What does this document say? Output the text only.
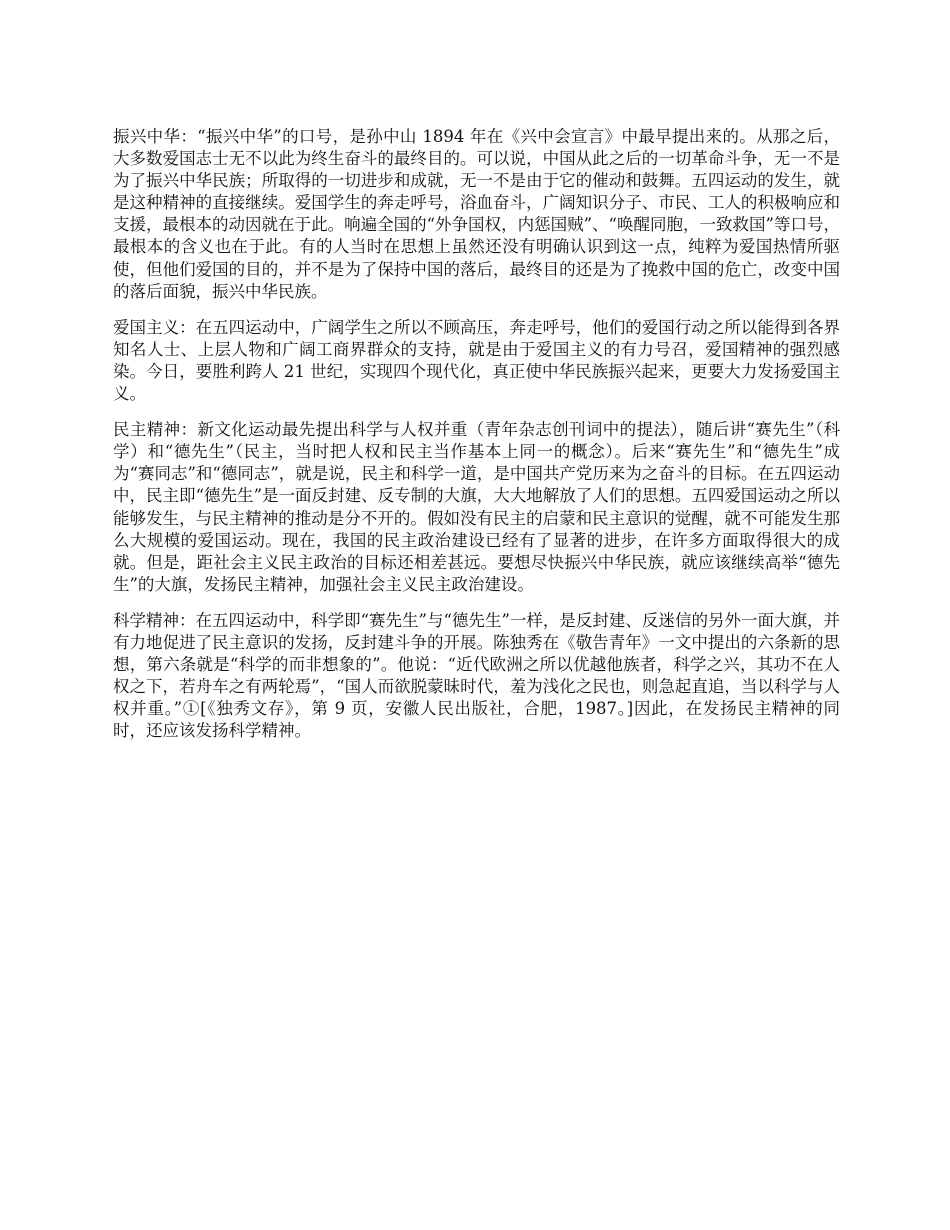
振兴中华：“振兴中华”的口号，是孙中山 1894 年在《兴中会宣言》中最早提出来的。从那之后，大多数爱国志士无不以此为终生奋斗的最终目的。可以说，中国从此之后的一切革命斗争，无一不是为了振兴中华民族；所取得的一切进步和成就，无一不是由于它的催动和鼓舞。五四运动的发生，就是这种精神的直接继续。爱国学生的奔走呼号，浴血奋斗，广阔知识分子、市民、工人的积极响应和支援，最根本的动因就在于此。响遍全国的“外争国权，内惩国贼”、“唤醒同胞，一致救国”等口号，最根本的含义也在于此。有的人当时在思想上虽然还没有明确认识到这一点，纯粹为爱国热情所驱使，但他们爱国的目的，并不是为了保持中国的落后，最终目的还是为了挽救中国的危亡，改变中国的落后面貌，振兴中华民族。

爱国主义：在五四运动中，广阔学生之所以不顾高压，奔走呼号，他们的爱国行动之所以能得到各界知名人士、上层人物和广阔工商界群众的支持，就是由于爱国主义的有力号召，爱国精神的强烈感染。今日，要胜利跨人 21 世纪，实现四个现代化，真正使中华民族振兴起来，更要大力发扬爱国主义。

民主精神：新文化运动最先提出科学与人权并重（青年杂志创刊词中的提法），随后讲“赛先生”（科学）和“德先生”（民主，当时把人权和民主当作基本上同一的概念）。后来“赛先生”和“德先生”成为“赛同志”和“德同志”，就是说，民主和科学一道，是中国共产党历来为之奋斗的目标。在五四运动中，民主即“德先生”是一面反封建、反专制的大旗，大大地解放了人们的思想。五四爱国运动之所以能够发生，与民主精神的推动是分不开的。假如没有民主的启蒙和民主意识的觉醒，就不可能发生那么大规模的爱国运动。现在，我国的民主政治建设已经有了显著的进步，在许多方面取得很大的成就。但是，距社会主义民主政治的目标还相差甚远。要想尽快振兴中华民族，就应该继续高举“德先生”的大旗，发扬民主精神，加强社会主义民主政治建设。

科学精神：在五四运动中，科学即“赛先生”与“德先生”一样，是反封建、反迷信的另外一面大旗，并有力地促进了民主意识的发扬，反封建斗争的开展。陈独秀在《敬告青年》一文中提出的六条新的思想，第六条就是“科学的而非想象的”。他说：“近代欧洲之所以优越他族者，科学之兴，其功不在人权之下，若舟车之有两轮焉”，“国人而欲脱蒙昧时代，羞为浅化之民也，则急起直追，当以科学与人权并重。”①[《独秀文存》，第 9 页，安徽人民出版社，合肥，1987。]因此，在发扬民主精神的同时，还应该发扬科学精神。
